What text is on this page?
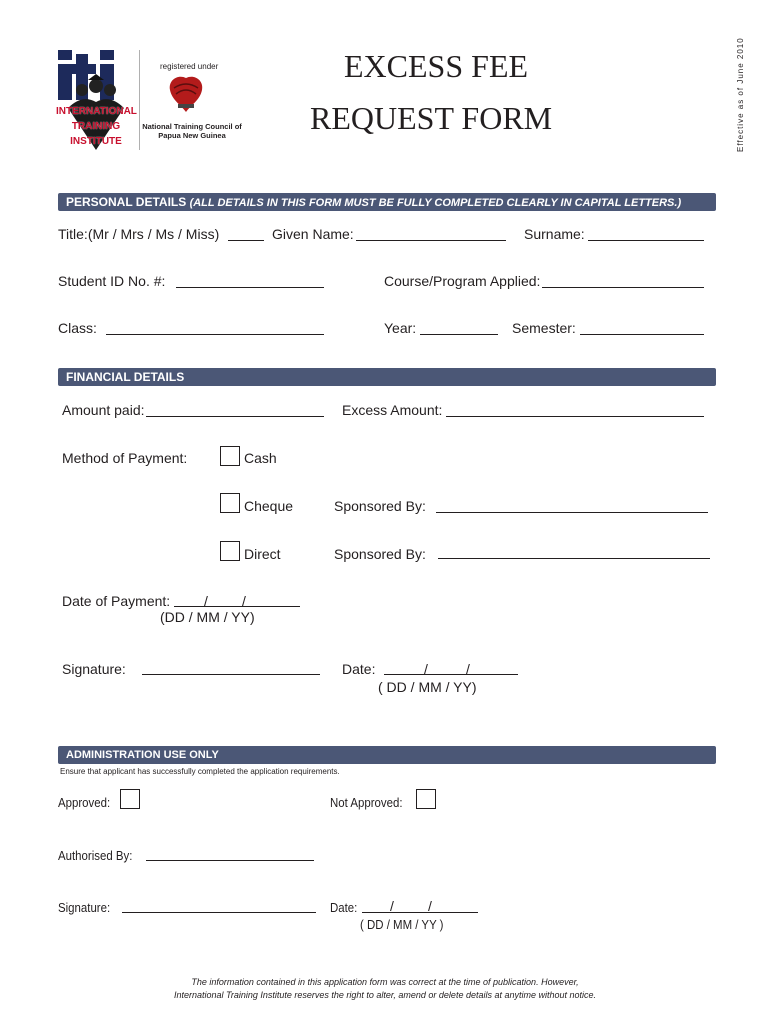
INTERNATIONAL
TRAINING
INSTITUTE
registered under
National Training Council of
Papua New Guinea
EXCESS FEE
REQUEST FORM	Effective as of June 2010
PERSONAL DETAILS (ALL DETAILS IN THIS FORM MUST BE FULLY COMPLETED CLEARLY IN CAPITAL LETTERS.)
Title:(Mr / Mrs / Ms / Miss)	Given Name:	Surname:
Student ID No. #:	Course/Program Applied:
Class:	Year:	Semester:
FINANCIAL DETAILS
Amount paid:	Excess Amount:
Method of Payment:	Cash
Cheque	Sponsored By:
Direct	Sponsored By:
Date of Payment: / /
(DD / MM / YY)
Signature:	Date:	/	/
( DD / MM / YY)
ADMINISTRATION USE ONLY
Ensure that applicant has successfully completed the application requirements.
Approved:	Not Approved:
Authorised By:
Signature:	Date: / /
( DD / MM / YY )
The information contained in this application form was correct at the time of publication. However,
International Training Institute reserves the right to alter, amend or delete details at anytime without notice.
